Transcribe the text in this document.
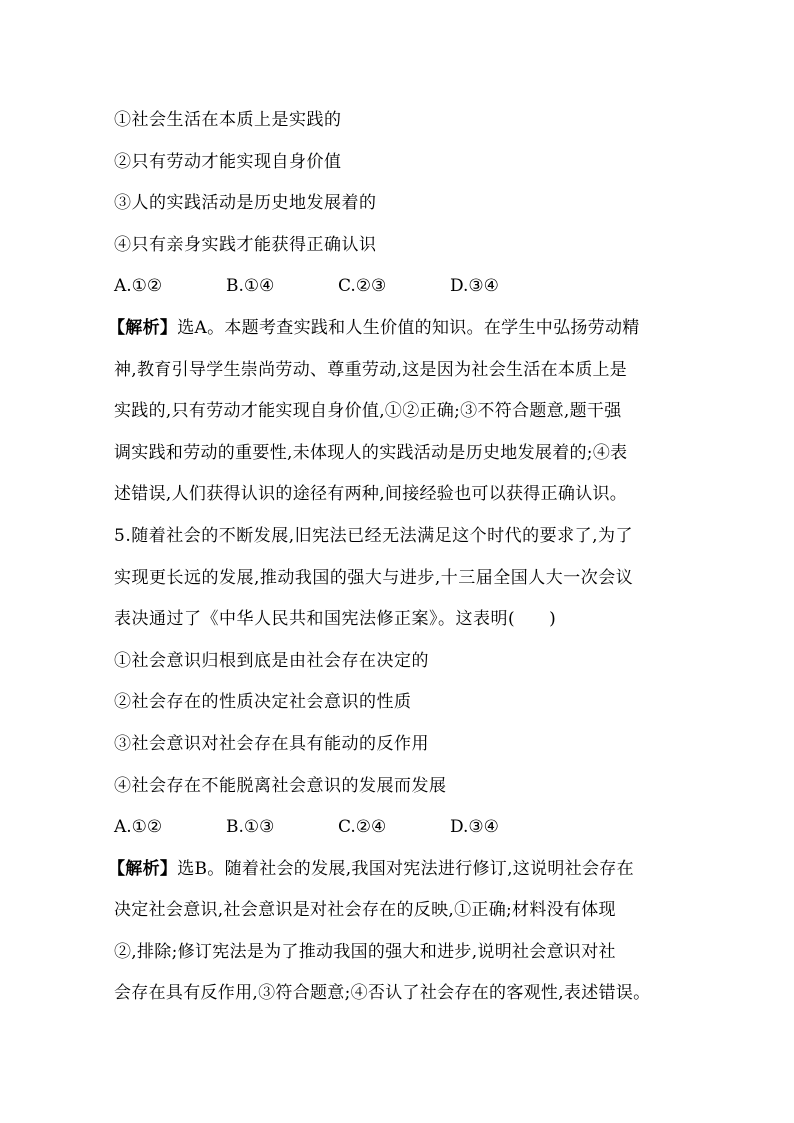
①社会生活在本质上是实践的
②只有劳动才能实现自身价值
③人的实践活动是历史地发展着的
④只有亲身实践才能获得正确认识
A.①②	B.①④	C.②③	D.③④
【解析】选A。本题考查实践和人生价值的知识。在学生中弘扬劳动精
神,教育引导学生崇尚劳动、尊重劳动,这是因为社会生活在本质上是
实践的,只有劳动才能实现自身价值,①②正确;③不符合题意,题干强
调实践和劳动的重要性,未体现人的实践活动是历史地发展着的;④表
述错误,人们获得认识的途径有两种,间接经验也可以获得正确认识。
5.随着社会的不断发展,旧宪法已经无法满足这个时代的要求了,为了
实现更长远的发展,推动我国的强大与进步,十三届全国人大一次会议
表决通过了《中华人民共和国宪法修正案》。这表明( )
①社会意识归根到底是由社会存在决定的
②社会存在的性质决定社会意识的性质
③社会意识对社会存在具有能动的反作用
④社会存在不能脱离社会意识的发展而发展
A.①②	B.①③	C.②④	D.③④
【解析】选B。随着社会的发展,我国对宪法进行修订,这说明社会存在
决定社会意识,社会意识是对社会存在的反映,①正确;材料没有体现
②,排除;修订宪法是为了推动我国的强大和进步,说明社会意识对社
会存在具有反作用,③符合题意;④否认了社会存在的客观性,表述错误。
